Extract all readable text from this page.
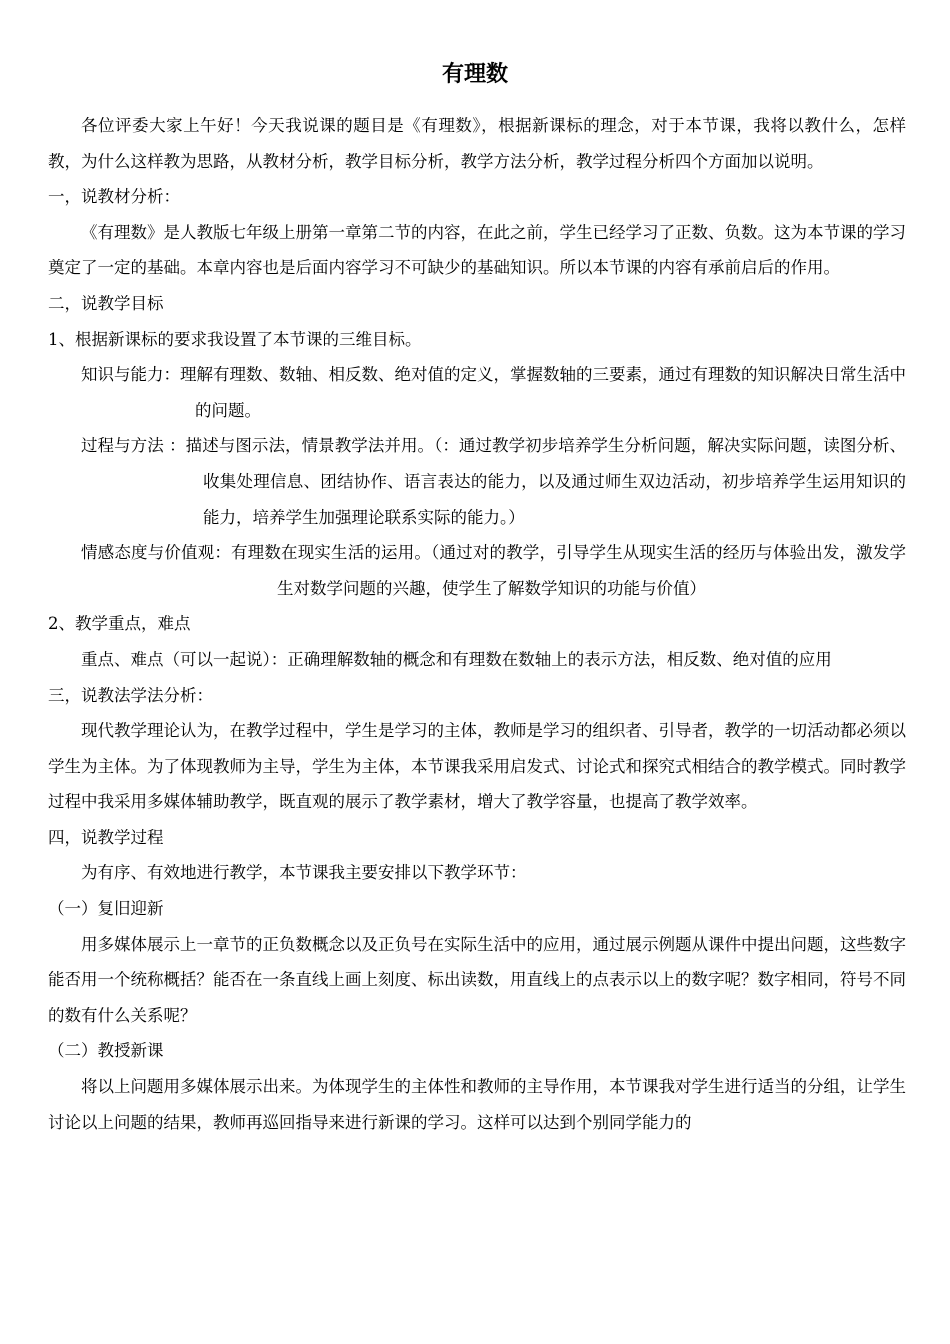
有理数

各位评委大家上午好！今天我说课的题目是《有理数》，根据新课标的理念，对于本节课，我将以教什么，怎样教，为什么这样教为思路，从教材分析，教学目标分析，教学方法分析，教学过程分析四个方面加以说明。

一，说教材分析：

《有理数》是人教版七年级上册第一章第二节的内容，在此之前，学生已经学习了正数、负数。这为本节课的学习奠定了一定的基础。本章内容也是后面内容学习不可缺少的基础知识。所以本节课的内容有承前启后的作用。

二，说教学目标

1、根据新课标的要求我设置了本节课的三维目标。

知识与能力：理解有理数、数轴、相反数、绝对值的定义，掌握数轴的三要素，通过有理数的知识解决日常生活中的问题。

过程与方法 ：描述与图示法，情景教学法并用。（：通过教学初步培养学生分析问题，解决实际问题，读图分析、收集处理信息、团结协作、语言表达的能力，以及通过师生双边活动，初步培养学生运用知识的能力，培养学生加强理论联系实际的能力。）

情感态度与价值观：有理数在现实生活的运用。（通过对的教学，引导学生从现实生活的经历与体验出发，激发学生对数学问题的兴趣，使学生了解数学知识的功能与价值）

2、教学重点，难点

重点、难点（可以一起说）：正确理解数轴的概念和有理数在数轴上的表示方法，相反数、绝对值的应用

三，说教法学法分析：

现代教学理论认为，在教学过程中，学生是学习的主体，教师是学习的组织者、引导者，教学的一切活动都必须以学生为主体。为了体现教师为主导，学生为主体，本节课我采用启发式、讨论式和探究式相结合的教学模式。同时教学过程中我采用多媒体辅助教学，既直观的展示了教学素材，增大了教学容量，也提高了教学效率。

四，说教学过程

为有序、有效地进行教学，本节课我主要安排以下教学环节：

（一）复旧迎新

用多媒体展示上一章节的正负数概念以及正负号在实际生活中的应用，通过展示例题从课件中提出问题，这些数字能否用一个统称概括？能否在一条直线上画上刻度、标出读数，用直线上的点表示以上的数字呢？数字相同，符号不同的数有什么关系呢？

（二）教授新课

将以上问题用多媒体展示出来。为体现学生的主体性和教师的主导作用，本节课我对学生进行适当的分组，让学生讨论以上问题的结果，教师再巡回指导来进行新课的学习。这样可以达到个别同学能力的
